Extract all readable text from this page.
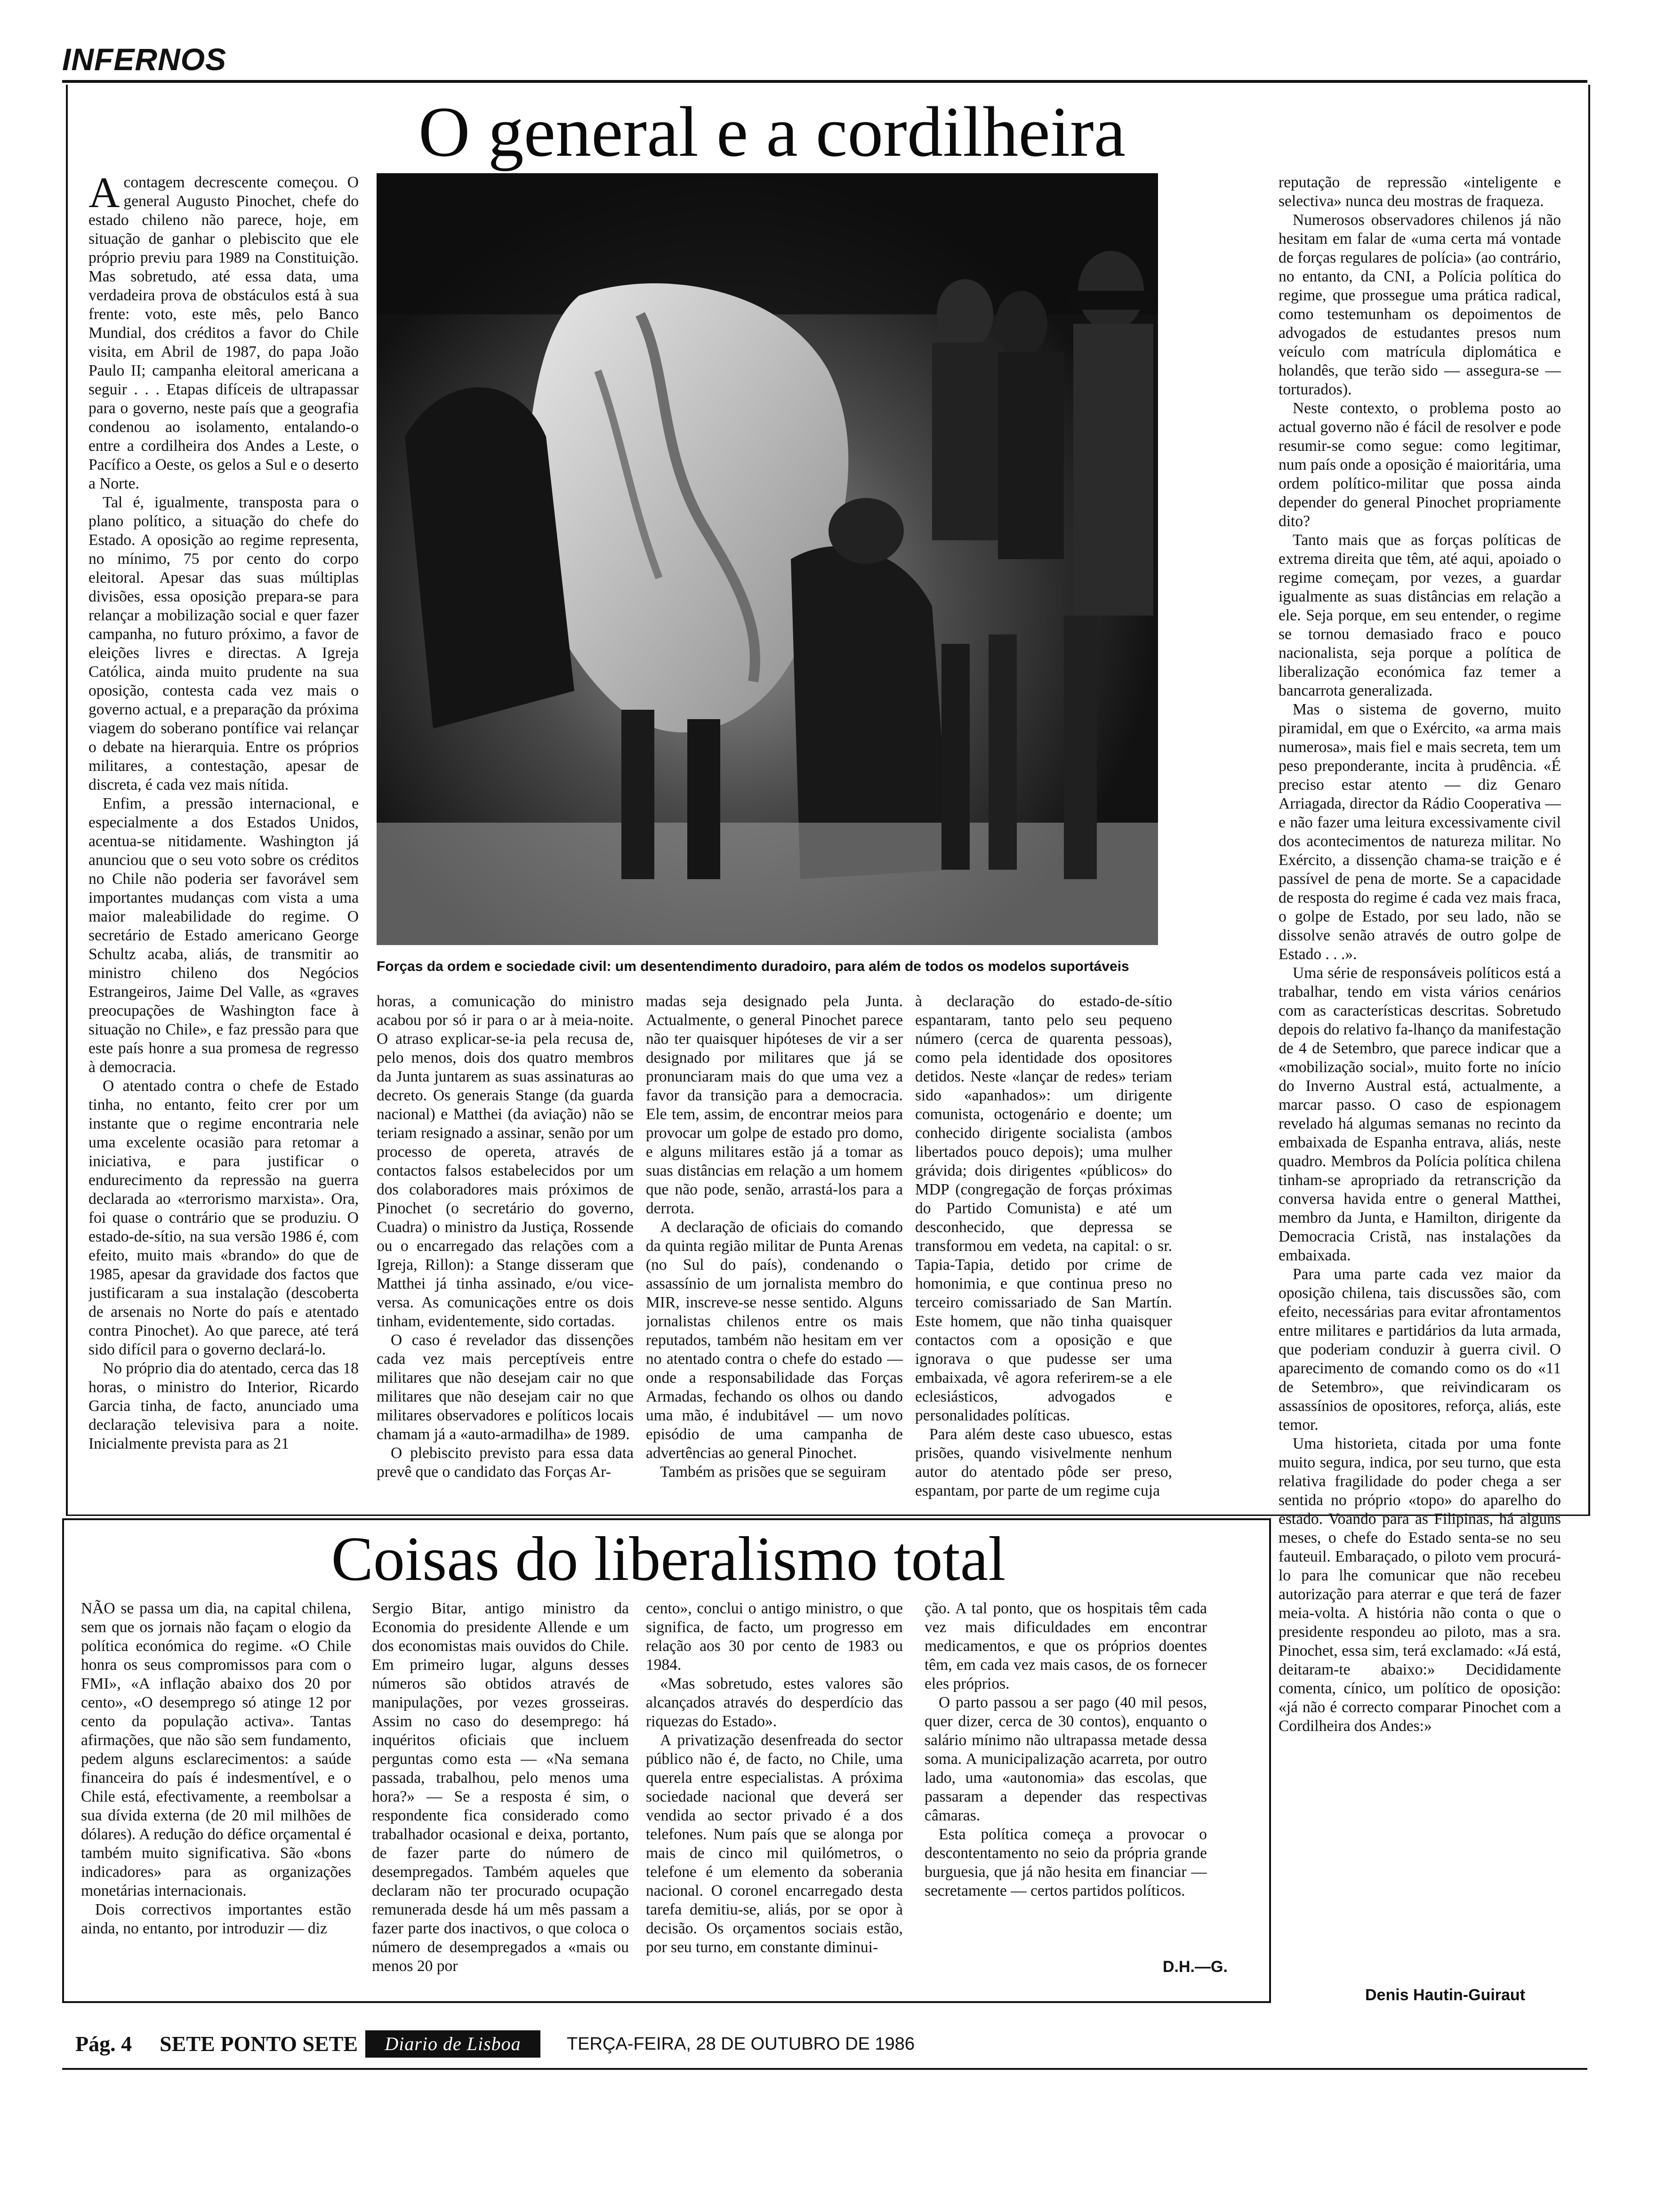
INFERNOS
O general e a cordilheira
Forças da ordem e sociedade civil: um desentendimento duradoiro, para além de todos os modelos suportáveis

A contagem decrescente começou. O general Augusto Pinochet, chefe do estado chileno não parece, hoje, em situação de ganhar o plebiscito que ele próprio previu para 1989 na Constituição. Mas sobretudo, até essa data, uma verdadeira prova de obstáculos está à sua frente: voto, este mês, pelo Banco Mundial, dos créditos a favor do Chile visita, em Abril de 1987, do papa João Paulo II; campanha eleitoral americana a seguir . . . Etapas difíceis de ultrapassar para o governo, neste país que a geografia condenou ao isolamento, entalando-o entre a cordilheira dos Andes a Leste, o Pacífico a Oeste, os gelos a Sul e o deserto a Norte.

Tal é, igualmente, transposta para o plano político, a situação do chefe do Estado. A oposição ao regime representa, no mínimo, 75 por cento do corpo eleitoral. Apesar das suas múltiplas divisões, essa oposição prepara-se para relançar a mobilização social e quer fazer campanha, no futuro próximo, a favor de eleições livres e directas. A Igreja Católica, ainda muito prudente na sua oposição, contesta cada vez mais o governo actual, e a preparação da próxima viagem do soberano pontífice vai relançar o debate na hierarquia. Entre os próprios militares, a contestação, apesar de discreta, é cada vez mais nítida.

Enfim, a pressão internacional, e especialmente a dos Estados Unidos, acentua-se nitidamente. Washington já anunciou que o seu voto sobre os créditos no Chile não poderia ser favorável sem importantes mudanças com vista a uma maior maleabilidade do regime. O secretário de Estado americano George Schultz acaba, aliás, de transmitir ao ministro chileno dos Negócios Estrangeiros, Jaime Del Valle, as «graves preocupações de Washington face à situação no Chile», e faz pressão para que este país honre a sua promesa de regresso à democracia.

O atentado contra o chefe de Estado tinha, no entanto, feito crer por um instante que o regime encontraria nele uma excelente ocasião para retomar a iniciativa, e para justificar o endurecimento da repressão na guerra declarada ao «terrorismo marxista». Ora, foi quase o contrário que se produziu. O estado-de-sítio, na sua versão 1986 é, com efeito, muito mais «brando» do que de 1985, apesar da gravidade dos factos que justificaram a sua instalação (descoberta de arsenais no Norte do país e atentado contra Pinochet). Ao que parece, até terá sido difícil para o governo declará-lo.

No próprio dia do atentado, cerca das 18 horas, o ministro do Interior, Ricardo Garcia tinha, de facto, anunciado uma declaração televisiva para a noite. Inicialmente prevista para as 21

horas, a comunicação do ministro acabou por só ir para o ar à meia-noite. O atraso explicar-se-ia pela recusa de, pelo menos, dois dos quatro membros da Junta juntarem as suas assinaturas ao decreto. Os generais Stange (da guarda nacional) e Matthei (da aviação) não se teriam resignado a assinar, senão por um processo de opereta, através de contactos falsos estabelecidos por um dos colaboradores mais próximos de Pinochet (o secretário do governo, Cuadra) o ministro da Justiça, Rossende ou o encarregado das relações com a Igreja, Rillon): a Stange disseram que Matthei já tinha assinado, e/ou vice-versa. As comunicações entre os dois tinham, evidentemente, sido cortadas.

O caso é revelador das dissenções cada vez mais perceptíveis entre militares que não desejam cair no que militares que não desejam cair no que militares observadores e políticos locais chamam já a «auto-armadilha» de 1989.

O plebiscito previsto para essa data prevê que o candidato das Forças Ar-

madas seja designado pela Junta. Actualmente, o general Pinochet parece não ter quaisquer hipóteses de vir a ser designado por militares que já se pronunciaram mais do que uma vez a favor da transição para a democracia. Ele tem, assim, de encontrar meios para provocar um golpe de estado pro domo, e alguns militares estão já a tomar as suas distâncias em relação a um homem que não pode, senão, arrastá-los para a derrota.

A declaração de oficiais do comando da quinta região militar de Punta Arenas (no Sul do país), condenando o assassínio de um jornalista membro do MIR, inscreve-se nesse sentido. Alguns jornalistas chilenos entre os mais reputados, também não hesitam em ver no atentado contra o chefe do estado — onde a responsabilidade das Forças Armadas, fechando os olhos ou dando uma mão, é indubitável — um novo episódio de uma campanha de advertências ao general Pinochet.

Também as prisões que se seguiram

à declaração do estado-de-sítio espantaram, tanto pelo seu pequeno número (cerca de quarenta pessoas), como pela identidade dos opositores detidos. Neste «lançar de redes» teriam sido «apanhados»: um dirigente comunista, octogenário e doente; um conhecido dirigente socialista (ambos libertados pouco depois); uma mulher grávida; dois dirigentes «públicos» do MDP (congregação de forças próximas do Partido Comunista) e até um desconhecido, que depressa se transformou em vedeta, na capital: o sr. Tapia-Tapia, detido por crime de homonimia, e que continua preso no terceiro comissariado de San Martín. Este homem, que não tinha quaisquer contactos com a oposição e que ignorava o que pudesse ser uma embaixada, vê agora referirem-se a ele eclesiásticos, advogados e personalidades políticas.

Para além deste caso ubuesco, estas prisões, quando visivelmente nenhum autor do atentado pôde ser preso, espantam, por parte de um regime cuja

reputação de repressão «inteligente e selectiva» nunca deu mostras de fraqueza.

Numerosos observadores chilenos já não hesitam em falar de «uma certa má vontade de forças regulares de polícia» (ao contrário, no entanto, da CNI, a Polícia política do regime, que prossegue uma prática radical, como testemunham os depoimentos de advogados de estudantes presos num veículo com matrícula diplomática e holandês, que terão sido — assegura-se — torturados).

Neste contexto, o problema posto ao actual governo não é fácil de resolver e pode resumir-se como segue: como legitimar, num país onde a oposição é maioritária, uma ordem político-militar que possa ainda depender do general Pinochet propriamente dito?

Tanto mais que as forças políticas de extrema direita que têm, até aqui, apoiado o regime começam, por vezes, a guardar igualmente as suas distâncias em relação a ele. Seja porque, em seu entender, o regime se tornou demasiado fraco e pouco nacionalista, seja porque a política de liberalização económica faz temer a bancarrota generalizada.

Mas o sistema de governo, muito piramidal, em que o Exército, «a arma mais numerosa», mais fiel e mais secreta, tem um peso preponderante, incita à prudência. «É preciso estar atento — diz Genaro Arriagada, director da Rádio Cooperativa — e não fazer uma leitura excessivamente civil dos acontecimentos de natureza militar. No Exército, a dissenção chama-se traição e é passível de pena de morte. Se a capacidade de resposta do regime é cada vez mais fraca, o golpe de Estado, por seu lado, não se dissolve senão através de outro golpe de Estado . . .».

Uma série de responsáveis políticos está a trabalhar, tendo em vista vários cenários com as características descritas. Sobretudo depois do relativo fa-lhanço da manifestação de 4 de Setembro, que parece indicar que a «mobilização social», muito forte no início do Inverno Austral está, actualmente, a marcar passo. O caso de espionagem revelado há algumas semanas no recinto da embaixada de Espanha entrava, aliás, neste quadro. Membros da Polícia política chilena tinham-se apropriado da retranscrição da conversa havida entre o general Matthei, membro da Junta, e Hamilton, dirigente da Democracia Cristã, nas instalações da embaixada.

Para uma parte cada vez maior da oposição chilena, tais discussões são, com efeito, necessárias para evitar afrontamentos entre militares e partidários da luta armada, que poderiam conduzir à guerra civil. O aparecimento de comando como os do «11 de Setembro», que reivindicaram os assassínios de opositores, reforça, aliás, este temor.

Uma historieta, citada por uma fonte muito segura, indica, por seu turno, que esta relativa fragilidade do poder chega a ser sentida no próprio «topo» do aparelho do estado. Voando para as Filipinas, há alguns meses, o chefe do Estado senta-se no seu fauteuil. Embaraçado, o piloto vem procurá-lo para lhe comunicar que não recebeu autorização para aterrar e que terá de fazer meia-volta. A história não conta o que o presidente respondeu ao piloto, mas a sra. Pinochet, essa sim, terá exclamado: «Já está, deitaram-te abaixo:» Decididamente comenta, cínico, um político de oposição: «já não é correcto comparar Pinochet com a Cordilheira dos Andes:»

Coisas do liberalismo total

NÃO se passa um dia, na capital chilena, sem que os jornais não façam o elogio da política económica do regime. «O Chile honra os seus compromissos para com o FMI», «A inflação abaixo dos 20 por cento», «O desemprego só atinge 12 por cento da população activa». Tantas afirmações, que não são sem fundamento, pedem alguns esclarecimentos: a saúde financeira do país é indesmentível, e o Chile está, efectivamente, a reembolsar a sua dívida externa (de 20 mil milhões de dólares). A redução do défice orçamental é também muito significativa. São «bons indicadores» para as organizações monetárias internacionais.

Dois correctivos importantes estão ainda, no entanto, por introduzir — diz

Sergio Bitar, antigo ministro da Economia do presidente Allende e um dos economistas mais ouvidos do Chile. Em primeiro lugar, alguns desses números são obtidos através de manipulações, por vezes grosseiras. Assim no caso do desemprego: há inquéritos oficiais que incluem perguntas como esta — «Na semana passada, trabalhou, pelo menos uma hora?» — Se a resposta é sim, o respondente fica considerado como trabalhador ocasional e deixa, portanto, de fazer parte do número de desempregados. Também aqueles que declaram não ter procurado ocupação remunerada desde há um mês passam a fazer parte dos inactivos, o que coloca o número de desempregados a «mais ou menos 20 por

cento», conclui o antigo ministro, o que significa, de facto, um progresso em relação aos 30 por cento de 1983 ou 1984.

«Mas sobretudo, estes valores são alcançados através do desperdício das riquezas do Estado».

A privatização desenfreada do sector público não é, de facto, no Chile, uma querela entre especialistas. A próxima sociedade nacional que deverá ser vendida ao sector privado é a dos telefones. Num país que se alonga por mais de cinco mil quilómetros, o telefone é um elemento da soberania nacional. O coronel encarregado desta tarefa demitiu-se, aliás, por se opor à decisão. Os orçamentos sociais estão, por seu turno, em constante diminui-

ção. A tal ponto, que os hospitais têm cada vez mais dificuldades em encontrar medicamentos, e que os próprios doentes têm, em cada vez mais casos, de os fornecer eles próprios.

O parto passou a ser pago (40 mil pesos, quer dizer, cerca de 30 contos), enquanto o salário mínimo não ultrapassa metade dessa soma. A municipalização acarreta, por outro lado, uma «autonomia» das escolas, que passaram a depender das respectivas câmaras.

Esta política começa a provocar o descontentamento no seio da própria grande burguesia, que já não hesita em financiar — secretamente — certos partidos políticos.

D.H.—G.
Denis Hautin-Guiraut
Pág. 4 SETE PONTO SETE	Diario de Lisboa	TERÇA-FEIRA, 28 DE OUTUBRO DE 1986
